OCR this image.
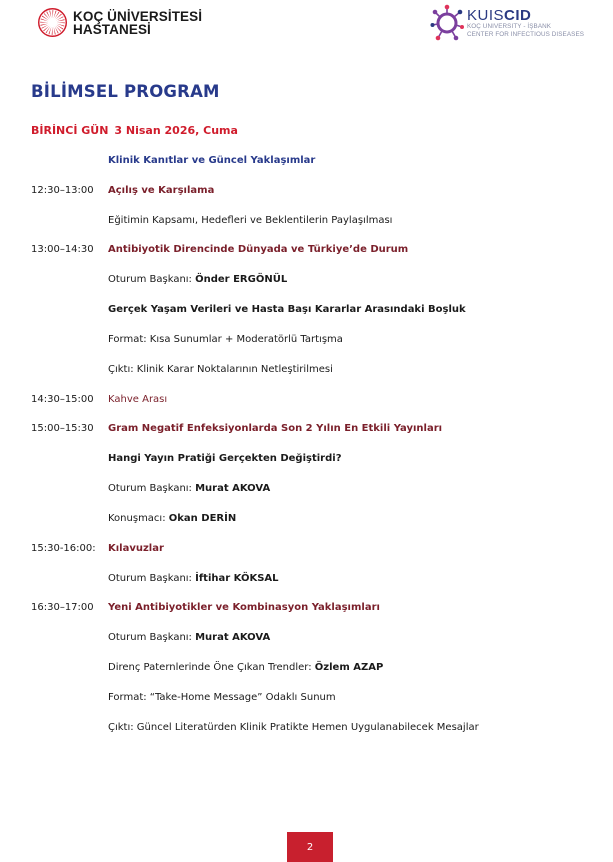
KOÇ ÜNİVERSİTESİ
HASTANESİ
KUISCID
KOÇ UNIVERSITY - İŞBANK
CENTER FOR INFECTIOUS DISEASES
BİLİMSEL PROGRAM
BİRİNCİ GÜN 3 Nisan 2026, Cuma
Klinik Kanıtlar ve Güncel Yaklaşımlar
12:30–13:00 Açılış ve Karşılama
Eğitimin Kapsamı, Hedefleri ve Beklentilerin Paylaşılması
13:00–14:30 Antibiyotik Direncinde Dünyada ve Türkiye’de Durum
Oturum Başkanı: Önder ERGÖNÜL
Gerçek Yaşam Verileri ve Hasta Başı Kararlar Arasındaki Boşluk
Format: Kısa Sunumlar + Moderatörlü Tartışma
Çıktı: Klinik Karar Noktalarının Netleştirilmesi
14:30–15:00 Kahve Arası
15:00–15:30 Gram Negatif Enfeksiyonlarda Son 2 Yılın En Etkili Yayınları
Hangi Yayın Pratiği Gerçekten Değiştirdi?
Oturum Başkanı: Murat AKOVA
Konuşmacı: Okan DERİN
15:30-16:00: Kılavuzlar
Oturum Başkanı: İftihar KÖKSAL
16:30–17:00 Yeni Antibiyotikler ve Kombinasyon Yaklaşımları
Oturum Başkanı: Murat AKOVA
Direnç Paternlerinde Öne Çıkan Trendler: Özlem AZAP
Format: “Take-Home Message” Odaklı Sunum
Çıktı: Güncel Literatürden Klinik Pratikte Hemen Uygulanabilecek Mesajlar
2
